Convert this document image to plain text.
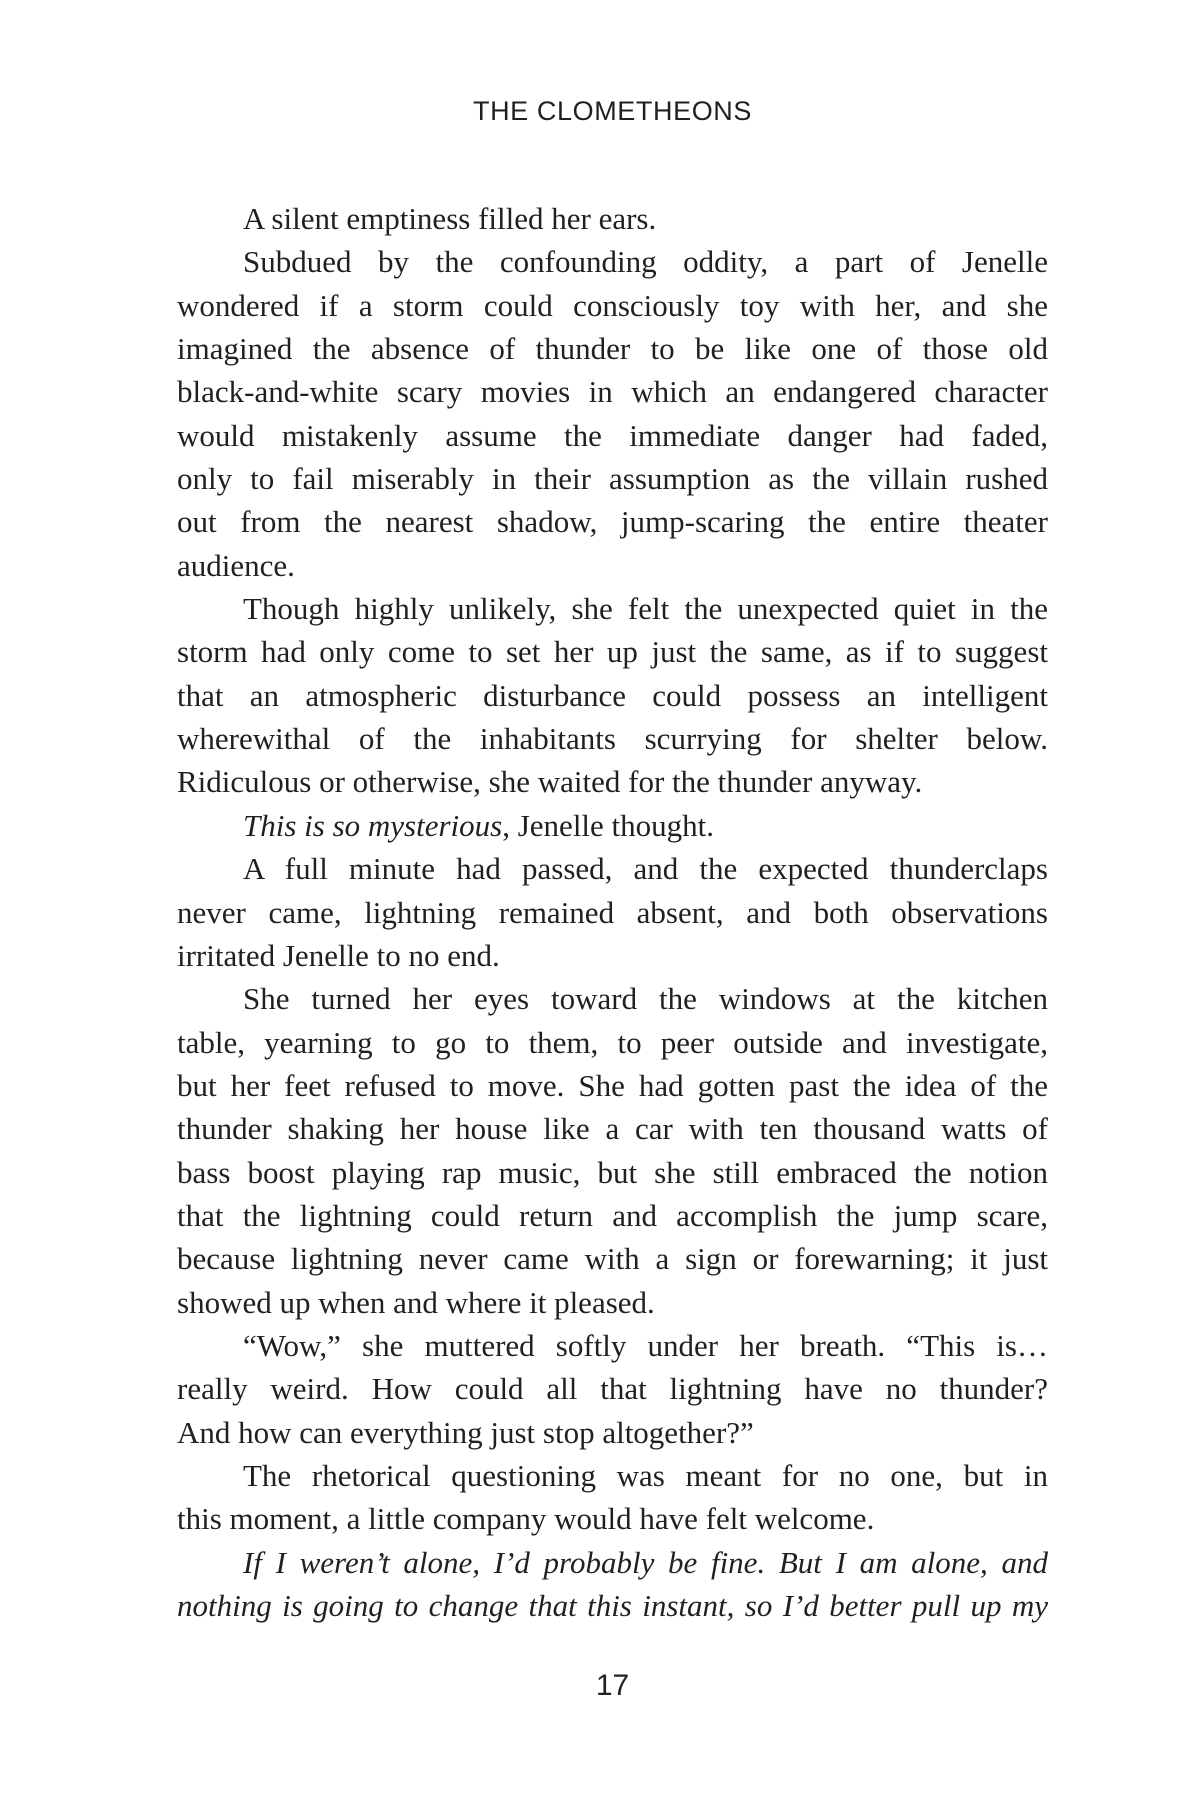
THE CLOMETHEONS
A silent emptiness filled her ears.
Subdued by the confounding oddity, a part of Jenelle
wondered if a storm could consciously toy with her, and she
imagined the absence of thunder to be like one of those old
black-and-white scary movies in which an endangered character
would mistakenly assume the immediate danger had faded,
only to fail miserably in their assumption as the villain rushed
out from the nearest shadow, jump-scaring the entire theater
audience.
Though highly unlikely, she felt the unexpected quiet in the
storm had only come to set her up just the same, as if to suggest
that an atmospheric disturbance could possess an intelligent
wherewithal of the inhabitants scurrying for shelter below.
Ridiculous or otherwise, she waited for the thunder anyway.
This is so mysterious, Jenelle thought.
A full minute had passed, and the expected thunderclaps
never came, lightning remained absent, and both observations
irritated Jenelle to no end.
She turned her eyes toward the windows at the kitchen
table, yearning to go to them, to peer outside and investigate,
but her feet refused to move. She had gotten past the idea of the
thunder shaking her house like a car with ten thousand watts of
bass boost playing rap music, but she still embraced the notion
that the lightning could return and accomplish the jump scare,
because lightning never came with a sign or forewarning; it just
showed up when and where it pleased.
“Wow,” she muttered softly under her breath. “This is…
really weird. How could all that lightning have no thunder?
And how can everything just stop altogether?”
The rhetorical questioning was meant for no one, but in
this moment, a little company would have felt welcome.
If I weren’t alone, I’d probably be fine. But I am alone, and
nothing is going to change that this instant, so I’d better pull up my
17
